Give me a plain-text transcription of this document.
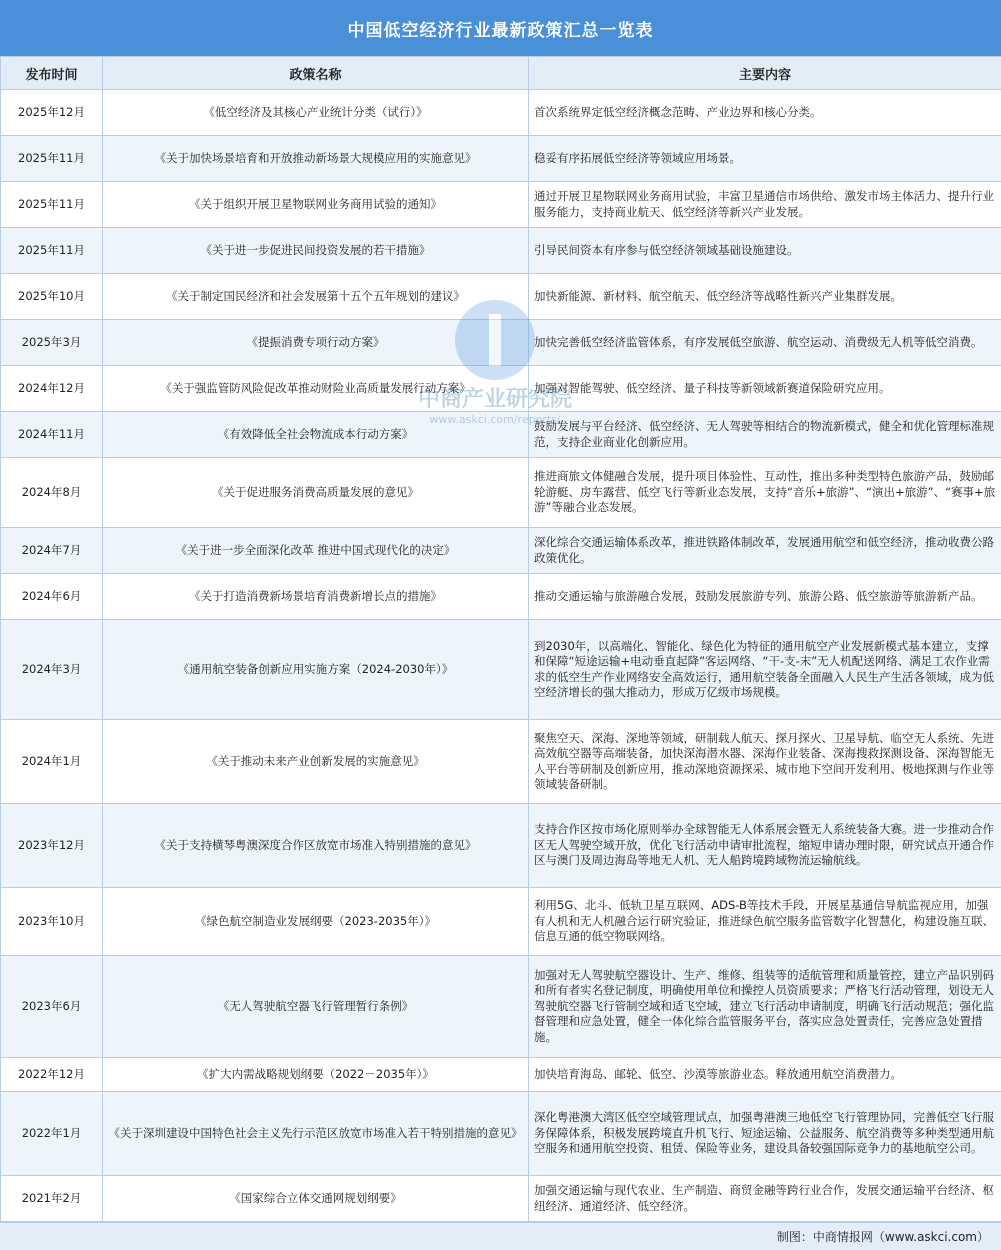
中国低空经济行业最新政策汇总一览表
发布时间	政策名称	主要内容
2025年12月	《低空经济及其核心产业统计分类（试行）》	首次系统界定低空经济概念范畴、产业边界和核心分类。
2025年11月	《关于加快场景培育和开放推动新场景大规模应用的实施意见》	稳妥有序拓展低空经济等领域应用场景。
2025年11月	《关于组织开展卫星物联网业务商用试验的通知》	通过开展卫星物联网业务商用试验，丰富卫星通信市场供给、激发市场主体活力、提升行业服务能力，支持商业航天、低空经济等新兴产业发展。
2025年11月	《关于进一步促进民间投资发展的若干措施》	引导民间资本有序参与低空经济领域基础设施建设。
2025年10月	《关于制定国民经济和社会发展第十五个五年规划的建议》	加快新能源、新材料、航空航天、低空经济等战略性新兴产业集群发展。
2025年3月	《提振消费专项行动方案》	加快完善低空经济监管体系，有序发展低空旅游、航空运动、消费级无人机等低空消费。
2024年12月	《关于强监管防风险促改革推动财险业高质量发展行动方案》	加强对智能驾驶、低空经济、量子科技等新领域新赛道保险研究应用。
2024年11月	《有效降低全社会物流成本行动方案》	鼓励发展与平台经济、低空经济、无人驾驶等相结合的物流新模式，健全和优化管理标准规范，支持企业商业化创新应用。
2024年8月	《关于促进服务消费高质量发展的意见》	推进商旅文体健融合发展，提升项目体验性、互动性，推出多种类型特色旅游产品，鼓励邮轮游艇、房车露营、低空飞行等新业态发展，支持“音乐+旅游”、“演出+旅游”、“赛事+旅游”等融合业态发展。
2024年7月	《关于进一步全面深化改革 推进中国式现代化的决定》	深化综合交通运输体系改革，推进铁路体制改革，发展通用航空和低空经济，推动收费公路政策优化。
2024年6月	《关于打造消费新场景培育消费新增长点的措施》	推动交通运输与旅游融合发展，鼓励发展旅游专列、旅游公路、低空旅游等旅游新产品。
2024年3月	《通用航空装备创新应用实施方案（2024-2030年）》	到2030年，以高端化、智能化、绿色化为特征的通用航空产业发展新模式基本建立，支撑和保障“短途运输+电动垂直起降”客运网络、“干-支-末”无人机配送网络、满足工农作业需求的低空生产作业网络安全高效运行，通用航空装备全面融入人民生产生活各领域，成为低空经济增长的强大推动力，形成万亿级市场规模。
2024年1月	《关于推动未来产业创新发展的实施意见》	聚焦空天、深海、深地等领域，研制载人航天、探月探火、卫星导航、临空无人系统、先进高效航空器等高端装备，加快深海潜水器、深海作业装备、深海搜救探测设备、深海智能无人平台等研制及创新应用，推动深地资源探采、城市地下空间开发利用、极地探测与作业等领域装备研制。
2023年12月	《关于支持横琴粤澳深度合作区放宽市场准入特别措施的意见》	支持合作区按市场化原则举办全球智能无人体系展会暨无人系统装备大赛。进一步推动合作区无人驾驶空域开放，优化飞行活动申请审批流程，缩短申请办理时限，研究试点开通合作区与澳门及周边海岛等地无人机、无人船跨境跨域物流运输航线。
2023年10月	《绿色航空制造业发展纲要（2023-2035年）》	利用5G、北斗、低轨卫星互联网、ADS-B等技术手段，开展星基通信导航监视应用，加强有人机和无人机融合运行研究验证，推进绿色航空服务监管数字化智慧化，构建设施互联、信息互通的低空物联网络。
2023年6月	《无人驾驶航空器飞行管理暂行条例》	加强对无人驾驶航空器设计、生产、维修、组装等的适航管理和质量管控，建立产品识别码和所有者实名登记制度，明确使用单位和操控人员资质要求；严格飞行活动管理，划设无人驾驶航空器飞行管制空域和适飞空域，建立飞行活动申请制度，明确飞行活动规范；强化监督管理和应急处置，健全一体化综合监管服务平台，落实应急处置责任，完善应急处置措施。
2022年12月	《扩大内需战略规划纲要（2022－2035年）》	加快培育海岛、邮轮、低空、沙漠等旅游业态。释放通用航空消费潜力。
2022年1月	《关于深圳建设中国特色社会主义先行示范区放宽市场准入若干特别措施的意见》	深化粤港澳大湾区低空空域管理试点，加强粤港澳三地低空飞行管理协同，完善低空飞行服务保障体系，积极发展跨境直升机飞行、短途运输、公益服务、航空消费等多种类型通用航空服务和通用航空投资、租赁、保险等业务，建设具备较强国际竞争力的基地航空公司。
2021年2月	《国家综合立体交通网规划纲要》	加强交通运输与现代农业、生产制造、商贸金融等跨行业合作，发展交通运输平台经济、枢纽经济、通道经济、低空经济。
制图：中商情报网（www.askci.com）
中商产业研究院
www.askci.com/reports/
